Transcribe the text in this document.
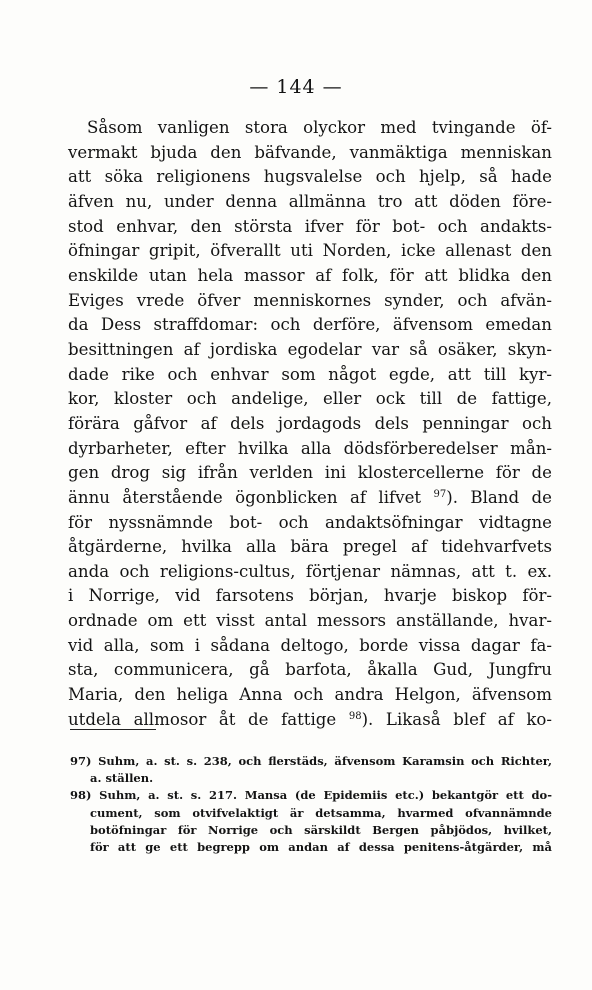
— 144 —
Såsom vanligen stora olyckor med tvingande öf-
vermakt bjuda den bäfvande, vanmäktiga menniskan
att söka religionens hugsvalelse och hjelp, så hade
äfven nu, under denna allmänna tro att döden före-
stod enhvar, den största ifver för bot- och andakts-
öfningar gripit, öfverallt uti Norden, icke allenast den
enskilde utan hela massor af folk, för att blidka den
Eviges vrede öfver menniskornes synder, och afvän-
da Dess straffdomar: och derföre, äfvensom emedan
besittningen af jordiska egodelar var så osäker, skyn-
dade rike och enhvar som något egde, att till kyr-
kor, kloster och andelige, eller ock till de fattige,
förära gåfvor af dels jordagods dels penningar och
dyrbarheter, efter hvilka alla dödsförberedelser mån-
gen drog sig ifrån verlden ini klostercellerne för de
ännu återstående ögonblicken af lifvet $^{97}$). Bland de
för nyssnämnde bot- och andaktsöfningar vidtagne
åtgärderne, hvilka alla bära pregel af tidehvarfvets
anda och religions-cultus, förtjenar nämnas, att t. ex.
i Norrige, vid farsotens början, hvarje biskop för-
ordnade om ett visst antal messors anställande, hvar-
vid alla, som i sådana deltogo, borde vissa dagar fa-
sta, communicera, gå barfota, åkalla Gud, Jungfru
Maria, den heliga Anna och andra Helgon, äfvensom
utdela allmosor åt de fattige $^{98}$). Likaså blef af ko-
97) Suhm, a. st. s. 238, och flerstäds, äfvensom Karamsin och Richter,
a. ställen.
98) Suhm, a. st. s. 217. Mansa (de Epidemiis etc.) bekantgör ett do-
cument, som otvifvelaktigt är detsamma, hvarmed ofvannämnde
botöfningar för Norrige och särskildt Bergen påbjödos, hvilket,
för att ge ett begrepp om andan af dessa penitens-åtgärder, må
